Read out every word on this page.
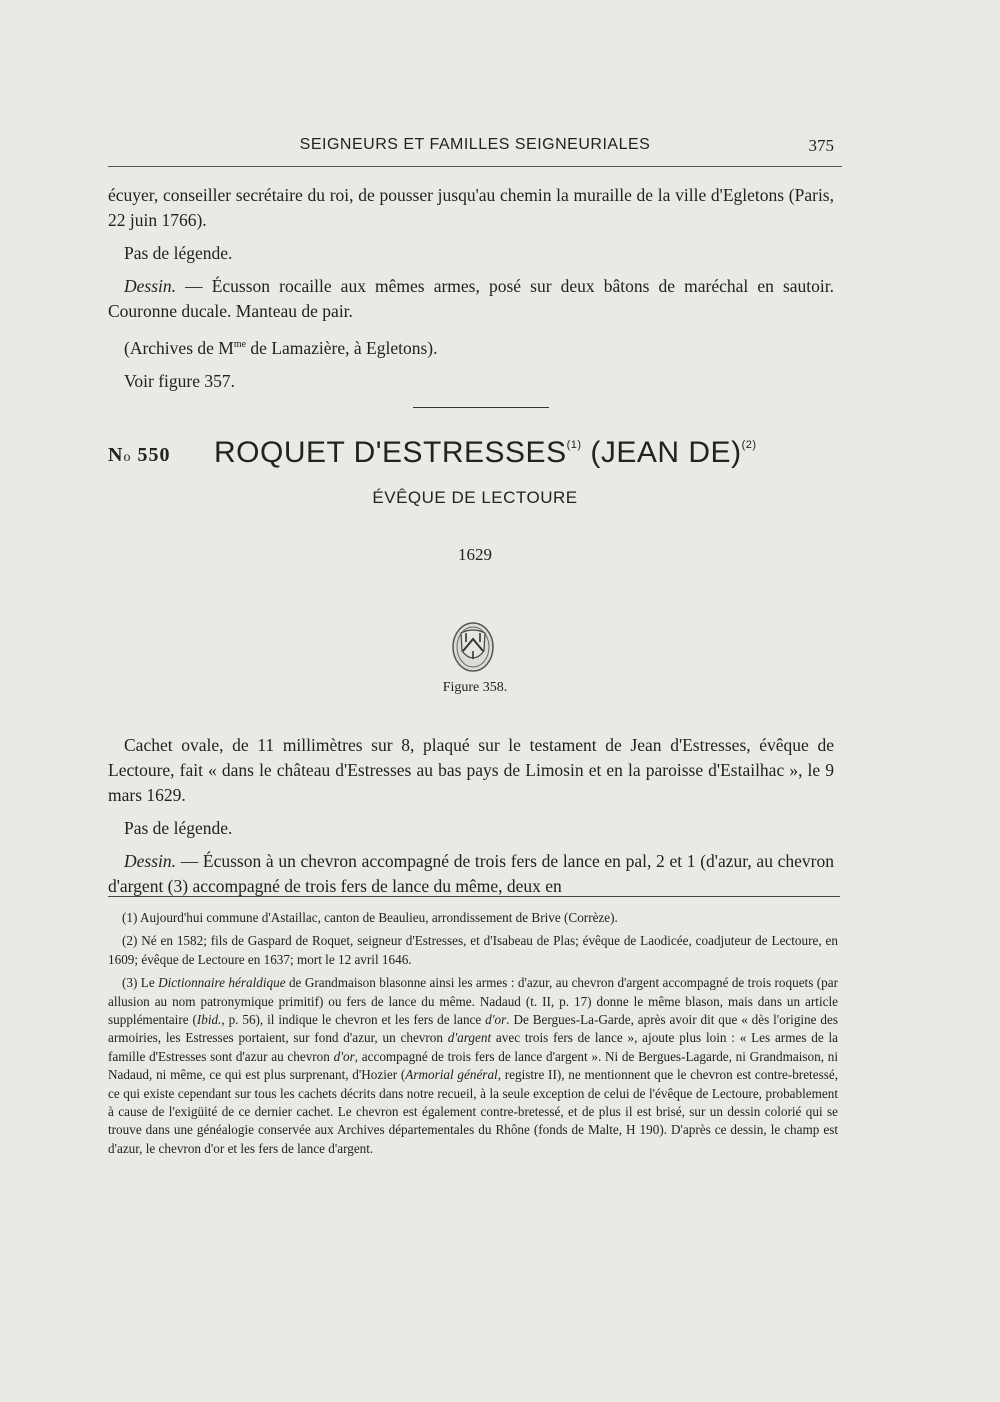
SEIGNEURS ET FAMILLES SEIGNEURIALES	375

écuyer, conseiller secrétaire du roi, de pousser jusqu'au chemin la muraille de la ville d'Egletons (Paris, 22 juin 1766).

Pas de légende.

Dessin. — Écusson rocaille aux mêmes armes, posé sur deux bâtons de maréchal en sautoir. Couronne ducale. Manteau de pair.

(Archives de $M^{me}$ de Lamazière, à Egletons).

Voir figure 357.

No 550 ROQUET D'ESTRESSES$^{(1)}$ (JEAN DE)$^{(2)}$
ÉVÊQUE DE LECTOURE
1629
Figure 358.

Cachet ovale, de 11 millimètres sur 8, plaqué sur le testament de Jean d'Estresses, évêque de Lectoure, fait « dans le château d'Estresses au bas pays de Limosin et en la paroisse d'Estailhac », le 9 mars 1629.

Pas de légende.

Dessin. — Écusson à un chevron accompagné de trois fers de lance en pal, 2 et 1 (d'azur, au chevron d'argent (3) accompagné de trois fers de lance du même, deux en

(1) Aujourd'hui commune d'Astaillac, canton de Beaulieu, arrondissement de Brive (Corrèze).

(2) Né en 1582; fils de Gaspard de Roquet, seigneur d'Estresses, et d'Isabeau de Plas; évêque de Laodicée, coadjuteur de Lectoure, en 1609; évêque de Lectoure en 1637; mort le 12 avril 1646.

(3) Le Dictionnaire héraldique de Grandmaison blasonne ainsi les armes : d'azur, au chevron d'argent accompagné de trois roquets (par allusion au nom patronymique primitif) ou fers de lance du même. Nadaud (t. II, p. 17) donne le même blason, mais dans un article supplémentaire (Ibid., p. 56), il indique le chevron et les fers de lance d'or. De Bergues-La-Garde, après avoir dit que « dès l'origine des armoiries, les Estresses portaient, sur fond d'azur, un chevron d'argent avec trois fers de lance », ajoute plus loin : « Les armes de la famille d'Estresses sont d'azur au chevron d'or, accompagné de trois fers de lance d'argent ». Ni de Bergues-Lagarde, ni Grandmaison, ni Nadaud, ni même, ce qui est plus surprenant, d'Hozier (Armorial général, registre II), ne mentionnent que le chevron est contre-bretessé, ce qui existe cependant sur tous les cachets décrits dans notre recueil, à la seule exception de celui de l'évêque de Lectoure, probablement à cause de l'exigüité de ce dernier cachet. Le chevron est également contre-bretessé, et de plus il est brisé, sur un dessin colorié qui se trouve dans une généalogie conservée aux Archives départementales du Rhône (fonds de Malte, H 190). D'après ce dessin, le champ est d'azur, le chevron d'or et les fers de lance d'argent.
